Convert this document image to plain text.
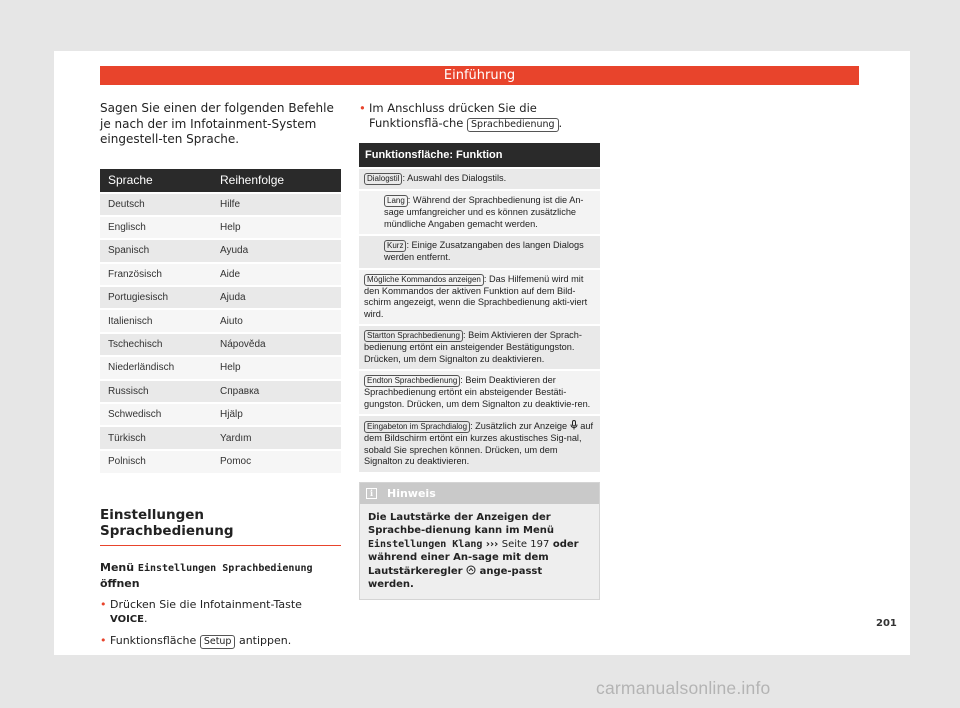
Einführung

Sagen Sie einen der folgenden Befehle je nach der im Infotainment-System eingestell-ten Sprache.

Sprache	Reihenfolge
Deutsch	Hilfe
Englisch	Help
Spanisch	Ayuda
Französisch	Aide
Portugiesisch	Ajuda
Italienisch	Aiuto
Tschechisch	Nápověda
Niederländisch	Help
Russisch	Справка
Schwedisch	Hjälp
Türkisch	Yardım
Polnisch	Pomoc
Einstellungen Sprachbedienung

Menü Einstellungen Sprachbedienung
öffnen

• Drücken Sie die Infotainment-Taste VOICE.
• Funktionsfläche Setup antippen.
• Im Anschluss drücken Sie die Funktionsflä-che Sprachbedienung .
Funktionsfläche: Funktion
Dialogstil : Auswahl des Dialogstils.
Lang : Während der Sprachbedienung ist die An-sage umfangreicher und es können zusätzliche mündliche Angaben gemacht werden.
Kurz : Einige Zusatzangaben des langen Dialogs werden entfernt.
Mögliche Kommandos anzeigen : Das Hilfemenü wird mit den Kommandos der aktiven Funktion auf dem Bild-schirm angezeigt, wenn die Sprachbedienung akti-viert wird.
Startton Sprachbedienung : Beim Aktivieren der Sprach-bedienung ertönt ein ansteigender Bestätigungston. Drücken, um dem Signalton zu deaktivieren.
Endton Sprachbedienung : Beim Deaktivieren der Sprachbedienung ertönt ein absteigender Bestäti-gungston. Drücken, um dem Signalton zu deaktivie-ren.
Eingabeton im Sprachdialog : Zusätzlich zur Anzeige auf dem Bildschirm ertönt ein kurzes akustisches Sig-nal, sobald Sie sprechen können. Drücken, um dem Signalton zu deaktivieren.
i	Hinweis
Die Lautstärke der Anzeigen der Sprachbe-dienung kann im Menü Einstellungen Klang ››› Seite 197 oder während einer An-sage mit dem Lautstärkeregler ange-passt werden.
201
carmanualsonline.info
